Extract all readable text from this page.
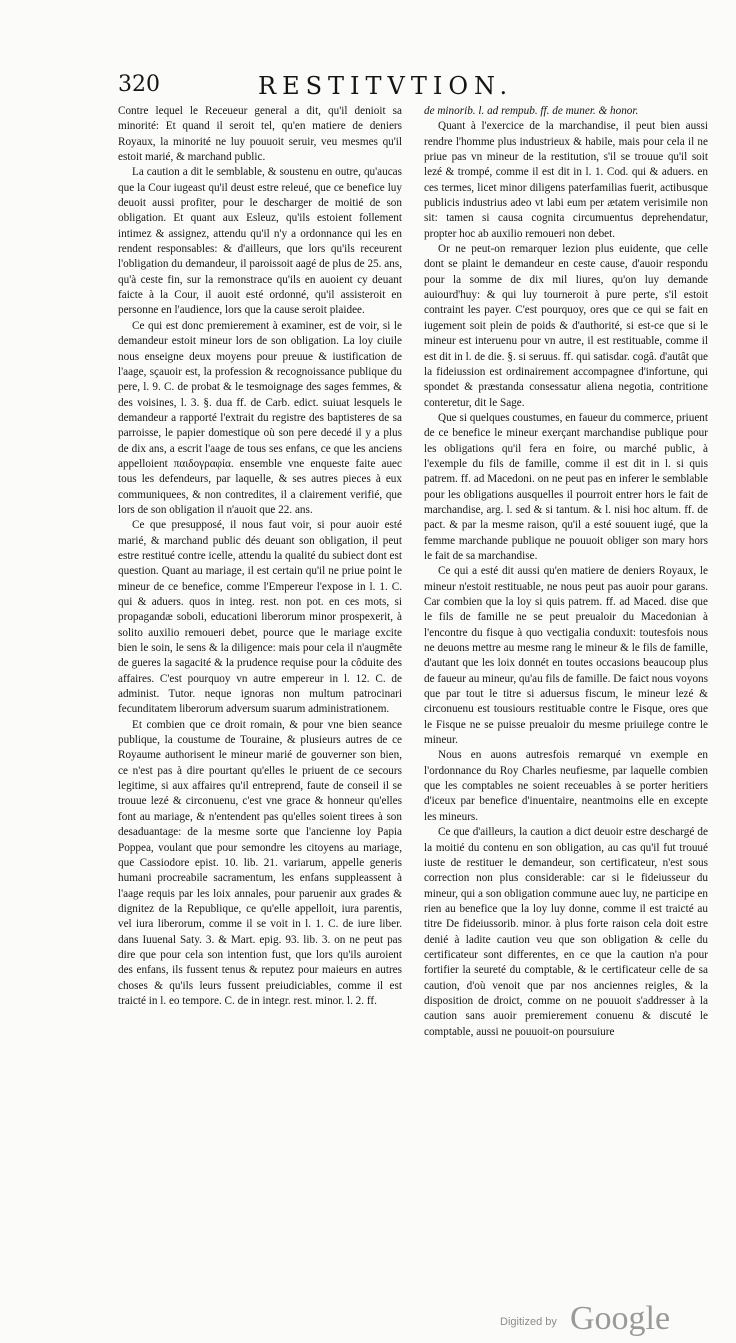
320	RESTITVTION.

Contre lequel le Receueur general a dit, qu'il denioit sa minorité: Et quand il seroit tel, qu'en matiere de deniers Royaux, la minorité ne luy pouuoit seruir, veu mesmes qu'il estoit marié, & marchand public.

La caution a dit le semblable, & soustenu en outre, qu'aucas que la Cour iugeast qu'il deust estre releué, que ce benefice luy deuoit aussi profiter, pour le descharger de moitié de son obligation. Et quant aux Esleuz, qu'ils estoient follement intimez & assignez, attendu qu'il n'y a ordonnance qui les en rendent responsables: & d'ailleurs, que lors qu'ils receurent l'obligation du demandeur, il paroissoit aagé de plus de 25. ans, qu'à ceste fin, sur la remonstrace qu'ils en auoient cy deuant faicte à la Cour, il auoit esté ordonné, qu'il assisteroit en personne en l'audience, lors que la cause seroit plaidee.

Ce qui est donc premierement à examiner, est de voir, si le demandeur estoit mineur lors de son obligation. La loy ciuile nous enseigne deux moyens pour preuue & iustification de l'aage, sçauoir est, la profession & recognoissance publique du pere, l. 9. C. de probat & le tesmoignage des sages femmes, & des voisines, l. 3. §. dua ff. de Carb. edict. suiuat lesquels le demandeur a rapporté l'extrait du registre des baptisteres de sa parroisse, le papier domestique où son pere decedé il y a plus de dix ans, a escrit l'aage de tous ses enfans, ce que les anciens appelloient παιδογραφία. ensemble vne enqueste faite auec tous les defendeurs, par laquelle, & ses autres pieces à eux communiquees, & non contredites, il a clairement verifié, que lors de son obligation il n'auoit que 22. ans.

Ce que presupposé, il nous faut voir, si pour auoir esté marié, & marchand public dés deuant son obligation, il peut estre restitué contre icelle, attendu la qualité du subiect dont est question. Quant au mariage, il est certain qu'il ne priue point le mineur de ce benefice, comme l'Empereur l'expose in l. 1. C. qui & aduers. quos in integ. rest. non pot. en ces mots, si propagandæ soboli, educationi liberorum minor prospexerit, à solito auxilio remoueri debet, pource que le mariage excite bien le soin, le sens & la diligence: mais pour cela il n'augmête de gueres la sagacité & la prudence requise pour la côduite des affaires. C'est pourquoy vn autre empereur in l. 12. C. de administ. Tutor. neque ignoras non multum patrocinari fecunditatem liberorum adversum suarum administrationem.

Et combien que ce droit romain, & pour vne bien seance publique, la coustume de Touraine, & plusieurs autres de ce Royaume authorisent le mineur marié de gouverner son bien, ce n'est pas à dire pourtant qu'elles le priuent de ce secours legitime, si aux affaires qu'il entreprend, faute de conseil il se trouue lezé & circonuenu, c'est vne grace & honneur qu'elles font au mariage, & n'entendent pas qu'elles soient tirees à son desaduantage: de la mesme sorte que l'ancienne loy Papia Poppea, voulant que pour semondre les citoyens au mariage, que Cassiodore epist. 10. lib. 21. variarum, appelle generis humani procreabile sacramentum, les enfans suppleassent à l'aage requis par les loix annales, pour paruenir aux grades & dignitez de la Republique, ce qu'elle appelloit, iura parentis, vel iura liberorum, comme il se voit in l. 1. C. de iure liber. dans Iuuenal Saty. 3. & Mart. epig. 93. lib. 3. on ne peut pas dire que pour cela son intention fust, que lors qu'ils auroient des enfans, ils fussent tenus & reputez pour maieurs en autres choses & qu'ils leurs fussent preiudiciables, comme il est traicté in l. eo tempore. C. de in integr. rest. minor. l. 2. ff.

de minorib. l. ad rempub. ff. de muner. & honor.

Quant à l'exercice de la marchandise, il peut bien aussi rendre l'homme plus industrieux & habile, mais pour cela il ne priue pas vn mineur de la restitution, s'il se trouue qu'il soit lezé & trompé, comme il est dit in l. 1. Cod. qui & aduers. en ces termes, licet minor diligens paterfamilias fuerit, actibusque publicis industrius adeo vt labi eum per ætatem verisimile non sit: tamen si causa cognita circumuentus deprehendatur, propter hoc ab auxilio remoueri non debet.

Or ne peut-on remarquer lezion plus euidente, que celle dont se plaint le demandeur en ceste cause, d'auoir respondu pour la somme de dix mil liures, qu'on luy demande auiourd'huy: & qui luy tourneroit à pure perte, s'il estoit contraint les payer. C'est pourquoy, ores que ce qui se fait en iugement soit plein de poids & d'authorité, si est-ce que si le mineur est interuenu pour vn autre, il est restituable, comme il est dit in l. de die. §. si seruus. ff. qui satisdar. cogâ. d'autât que la fideiussion est ordinairement accompagnee d'infortune, qui spondet & præstanda consessatur aliena negotia, contritione conteretur, dit le Sage.

Que si quelques coustumes, en faueur du commerce, priuent de ce benefice le mineur exerçant marchandise publique pour les obligations qu'il fera en foire, ou marché public, à l'exemple du fils de famille, comme il est dit in l. si quis patrem. ff. ad Macedoni. on ne peut pas en inferer le semblable pour les obligations ausquelles il pourroit entrer hors le fait de marchandise, arg. l. sed & si tantum. & l. nisi hoc altum. ff. de pact. & par la mesme raison, qu'il a esté souuent iugé, que la femme marchande publique ne pouuoit obliger son mary hors le fait de sa marchandise.

Ce qui a esté dit aussi qu'en matiere de deniers Royaux, le mineur n'estoit restituable, ne nous peut pas auoir pour garans. Car combien que la loy si quis patrem. ff. ad Maced. dise que le fils de famille ne se peut preualoir du Macedonian à l'encontre du fisque à quo vectigalia conduxit: toutesfois nous ne deuons mettre au mesme rang le mineur & le fils de famille, d'autant que les loix donnét en toutes occasions beaucoup plus de faueur au mineur, qu'au fils de famille. De faict nous voyons que par tout le titre si aduersus fiscum, le mineur lezé & circonuenu est tousiours restituable contre le Fisque, ores que le Fisque ne se puisse preualoir du mesme priuilege contre le mineur.

Nous en auons autresfois remarqué vn exemple en l'ordonnance du Roy Charles neufiesme, par laquelle combien que les comptables ne soient receuables à se porter heritiers d'iceux par benefice d'inuentaire, neantmoins elle en excepte les mineurs.

Ce que d'ailleurs, la caution a dict deuoir estre deschargé de la moitié du contenu en son obligation, au cas qu'il fut trouué iuste de restituer le demandeur, son certificateur, n'est sous correction non plus considerable: car si le fideiusseur du mineur, qui a son obligation commune auec luy, ne participe en rien au benefice que la loy luy donne, comme il est traicté au titre De fideiussorib. minor. à plus forte raison cela doit estre denié à ladite caution veu que son obligation & celle du certificateur sont differentes, en ce que la caution n'a pour fortifier la seureté du comptable, & le certificateur celle de sa caution, d'où venoit que par nos anciennes reigles, & la disposition de droict, comme on ne pouuoit s'addresser à la caution sans auoir premierement conuenu & discuté le comptable, aussi ne pouuoit-on poursuiure

Digitized by Google
